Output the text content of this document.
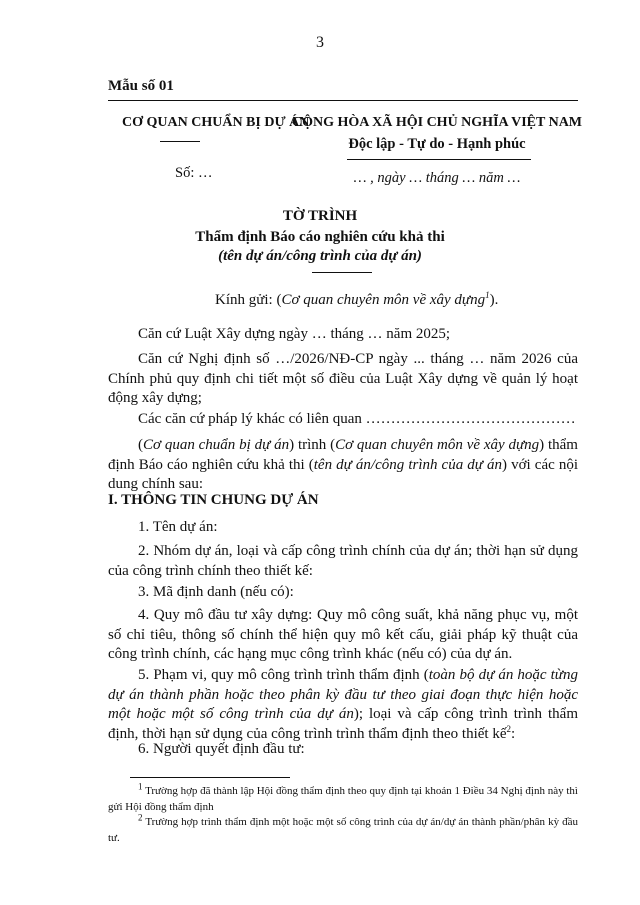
3
Mẫu số 01
CƠ QUAN CHUẨN BỊ DỰ ÁN
CỘNG HÒA XÃ HỘI CHỦ NGHĨA VIỆT NAM
Độc lập - Tự do - Hạnh phúc
Số: …	… , ngày … tháng … năm …
TỜ TRÌNH
Thẩm định Báo cáo nghiên cứu khả thi
(tên dự án/công trình của dự án)
Kính gửi: (Cơ quan chuyên môn về xây dựng$^1$).
Căn cứ Luật Xây dựng ngày … tháng … năm 2025;
Căn cứ Nghị định số …/2026/NĐ-CP ngày ... tháng … năm 2026 của Chính phủ quy định chi tiết một số điều của Luật Xây dựng về quản lý hoạt động xây dựng;
Các căn cứ pháp lý khác có liên quan ……………………………………
(Cơ quan chuẩn bị dự án) trình (Cơ quan chuyên môn về xây dựng) thẩm định Báo cáo nghiên cứu khả thi (tên dự án/công trình của dự án) với các nội dung chính sau:
I. THÔNG TIN CHUNG DỰ ÁN
1. Tên dự án:
2. Nhóm dự án, loại và cấp công trình chính của dự án; thời hạn sử dụng của công trình chính theo thiết kế:
3. Mã định danh (nếu có):
4. Quy mô đầu tư xây dựng: Quy mô công suất, khả năng phục vụ, một số chỉ tiêu, thông số chính thể hiện quy mô kết cấu, giải pháp kỹ thuật của công trình chính, các hạng mục công trình khác (nếu có) của dự án.
5. Phạm vi, quy mô công trình trình thẩm định (toàn bộ dự án hoặc từng dự án thành phần hoặc theo phân kỳ đầu tư theo giai đoạn thực hiện hoặc một hoặc một số công trình của dự án); loại và cấp công trình trình thẩm định, thời hạn sử dụng của công trình trình thẩm định theo thiết kế$^2$:
6. Người quyết định đầu tư:
$^1$ Trường hợp đã thành lập Hội đồng thẩm định theo quy định tại khoản 1 Điều 34 Nghị định này thì gửi Hội đồng thẩm định
$^2$ Trường hợp trình thẩm định một hoặc một số công trình của dự án/dự án thành phần/phân kỳ đầu tư.
